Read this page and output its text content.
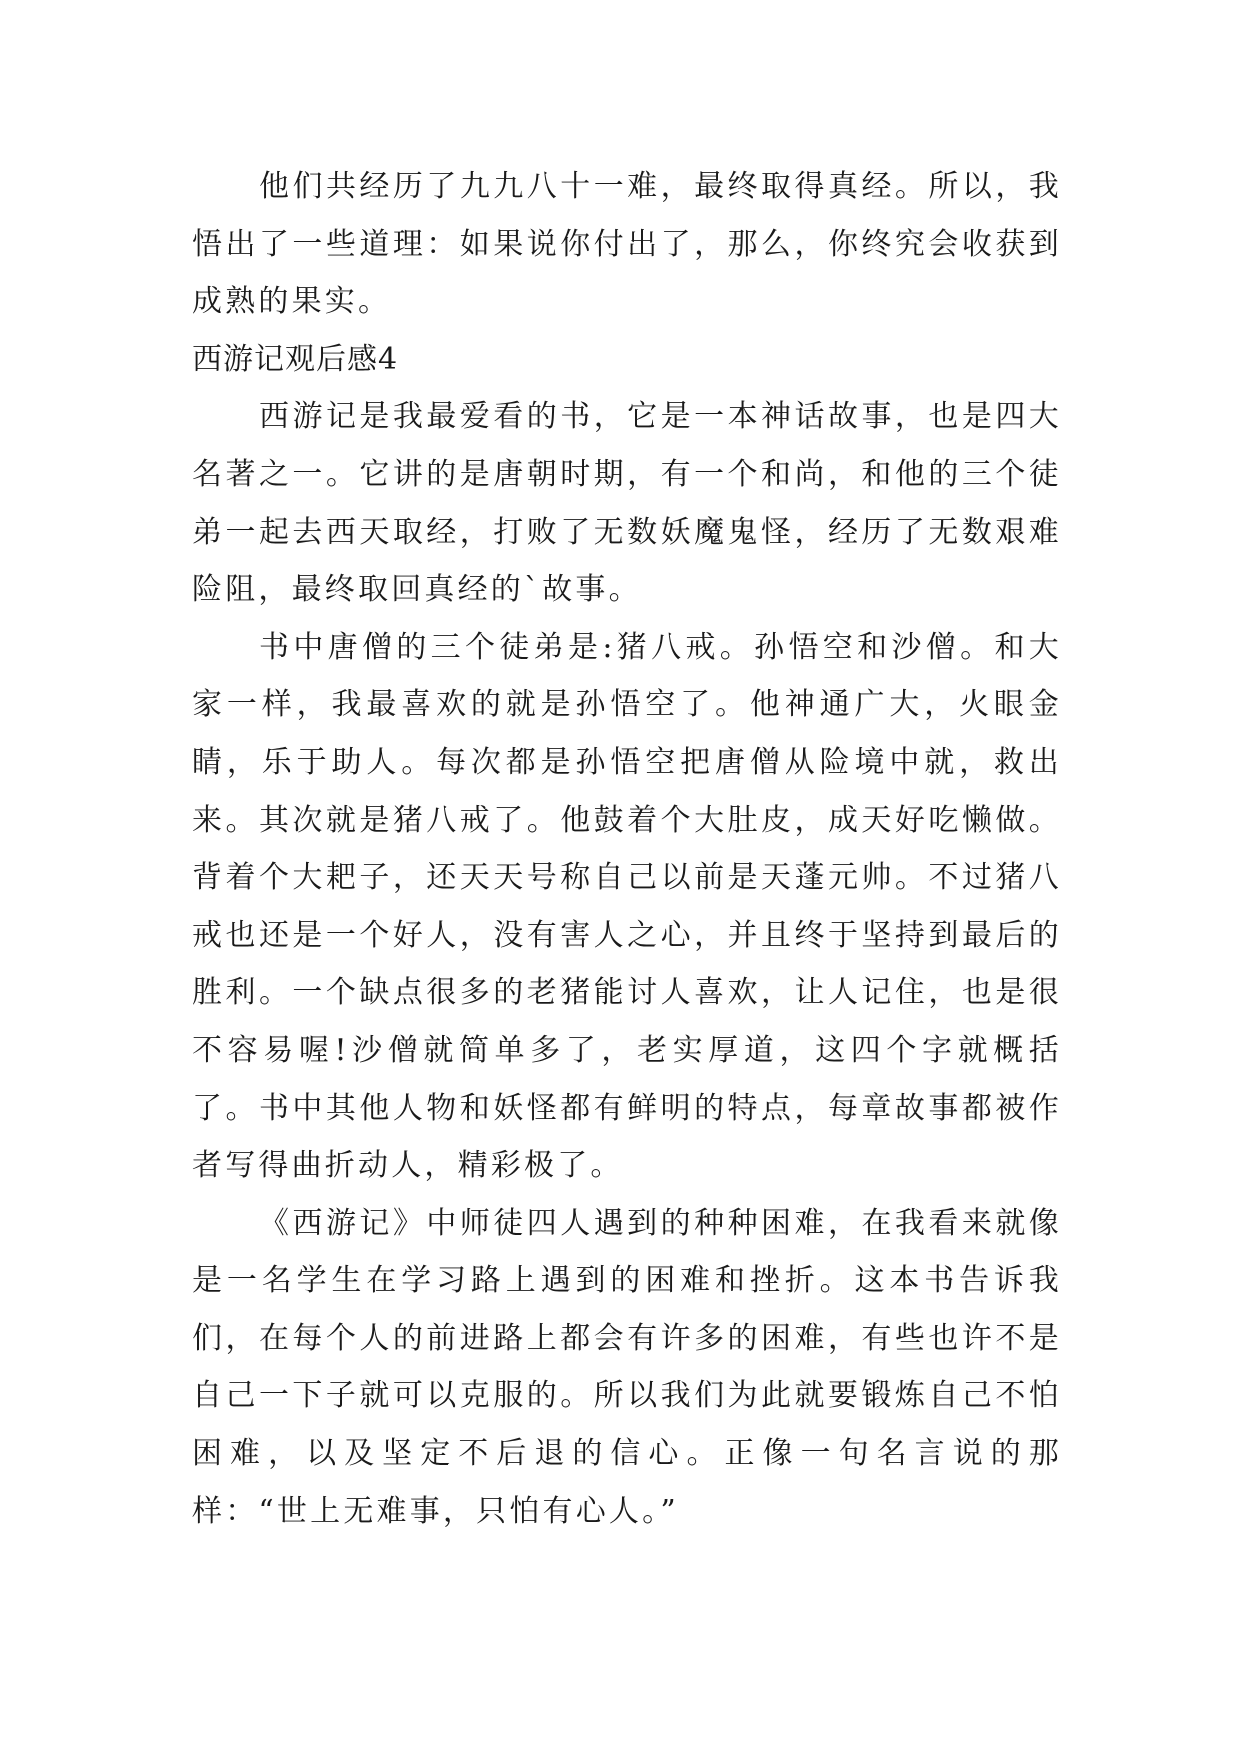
他们共经历了九九八十一难，最终取得真经。所以，我悟出了一些道理：如果说你付出了，那么，你终究会收获到成熟的果实。

西游记观后感4

西游记是我最爱看的书，它是一本神话故事，也是四大名著之一。它讲的是唐朝时期，有一个和尚，和他的三个徒弟一起去西天取经，打败了无数妖魔鬼怪，经历了无数艰难险阻，最终取回真经的`故事。

书中唐僧的三个徒弟是:猪八戒。孙悟空和沙僧。和大家一样，我最喜欢的就是孙悟空了。他神通广大，火眼金睛，乐于助人。每次都是孙悟空把唐僧从险境中就，救出来。其次就是猪八戒了。他鼓着个大肚皮，成天好吃懒做。背着个大耙子，还天天号称自己以前是天蓬元帅。不过猪八戒也还是一个好人，没有害人之心，并且终于坚持到最后的胜利。一个缺点很多的老猪能讨人喜欢，让人记住，也是很不容易喔!沙僧就简单多了，老实厚道，这四个字就概括了。书中其他人物和妖怪都有鲜明的特点，每章故事都被作者写得曲折动人，精彩极了。

《西游记》中师徒四人遇到的种种困难，在我看来就像是一名学生在学习路上遇到的困难和挫折。这本书告诉我们，在每个人的前进路上都会有许多的困难，有些也许不是自己一下子就可以克服的。所以我们为此就要锻炼自己不怕困难，以及坚定不后退的信心。正像一句名言说的那样：“世上无难事，只怕有心人。”
